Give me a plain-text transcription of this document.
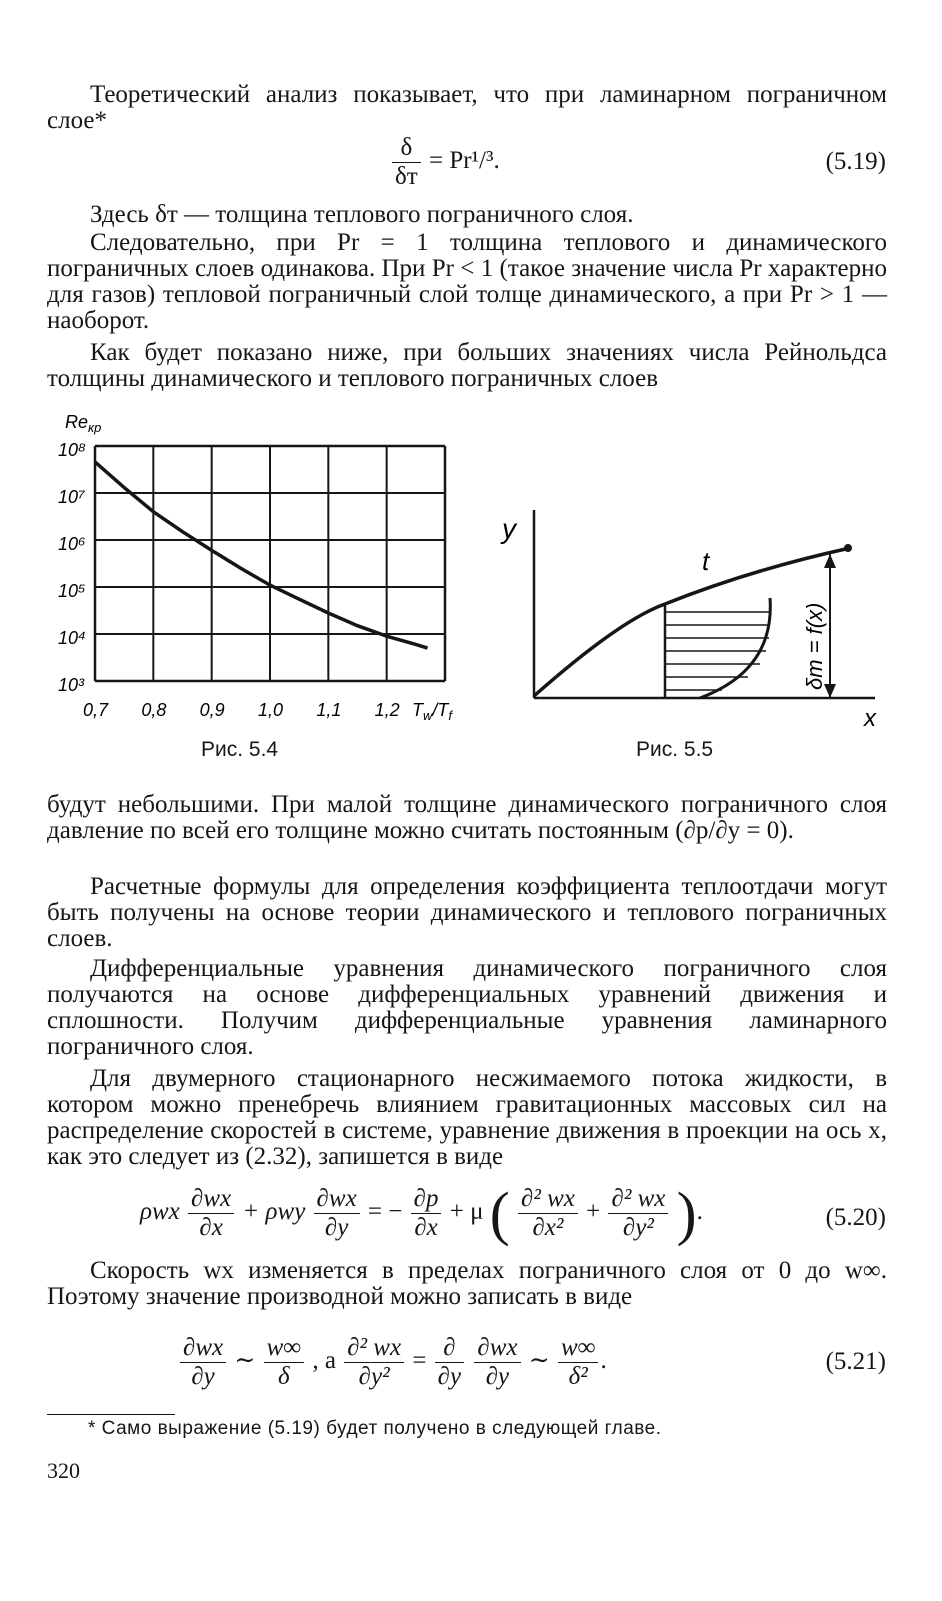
Теоретический анализ показывает, что при ламинарном пограничном слое*

$\frac{\delta}{\delta т} = Pr^1/^3$.	(5.19)

Здесь δт — толщина теплового пограничного слоя.

Следовательно, при Pr = 1 толщина теплового и динамического пограничных слоев одинакова. При Pr < 1 (такое значение числа Pr характерно для газов) тепловой пограничный слой толще динамического, а при Pr > 1 — наоборот.

Как будет показано ниже, при больших значениях числа Рейнольдса толщины динамического и теплового пограничных слоев

$Re_{кр}$
0,7 0,8 0,9 1,0 1,1 1,2
10³
10⁴
10⁵
10⁶
10⁷
10⁸
$T_w/T_f$
Рис. 5.4
y
x
t
δт = f(x)
Рис. 5.5

будут небольшими. При малой толщине динамического пограничного слоя давление по всей его толщине можно считать постоянным (∂p/∂y = 0).

Расчетные формулы для определения коэффициента теплоотдачи могут быть получены на основе теории динамического и теплового пограничных слоев.

Дифференциальные уравнения динамического пограничного слоя получаются на основе дифференциальных уравнений движения и сплошности. Получим дифференциальные уравнения ламинарного пограничного слоя.

Для двумерного стационарного несжимаемого потока жидкости, в котором можно пренебречь влиянием гравитационных массовых сил на распределение скоростей в системе, уравнение движения в проекции на ось x, как это следует из (2.32), запишется в виде

ρwx $\frac{\partial wx}{\partial x} + \rho wy \frac{\partial wx}{\partial y}$ = − $\frac{\partial p}{\partial x} + \mu$ ( $\frac{\text{∂² wx}}{\text{∂x²}} + \frac{\text{∂² wx}}{\text{∂y²}}$ ).	(5.20)

Скорость wx изменяется в пределах пограничного слоя от 0 до w∞. Поэтому значение производной можно записать в виде

$\frac{\partial wx}{\partial y}$ ∼ $\frac{w\infty}{\delta}$ , а $\frac{\text{∂² wx}}{\text{∂y²}} = \frac{\partial}{\partial y}$
$\frac{\partial wx}{\partial y}$ ∼ $\frac{w\infty}{\text{δ²}}$ .	(5.21)
* Само выражение (5.19) будет получено в следующей главе.
320
